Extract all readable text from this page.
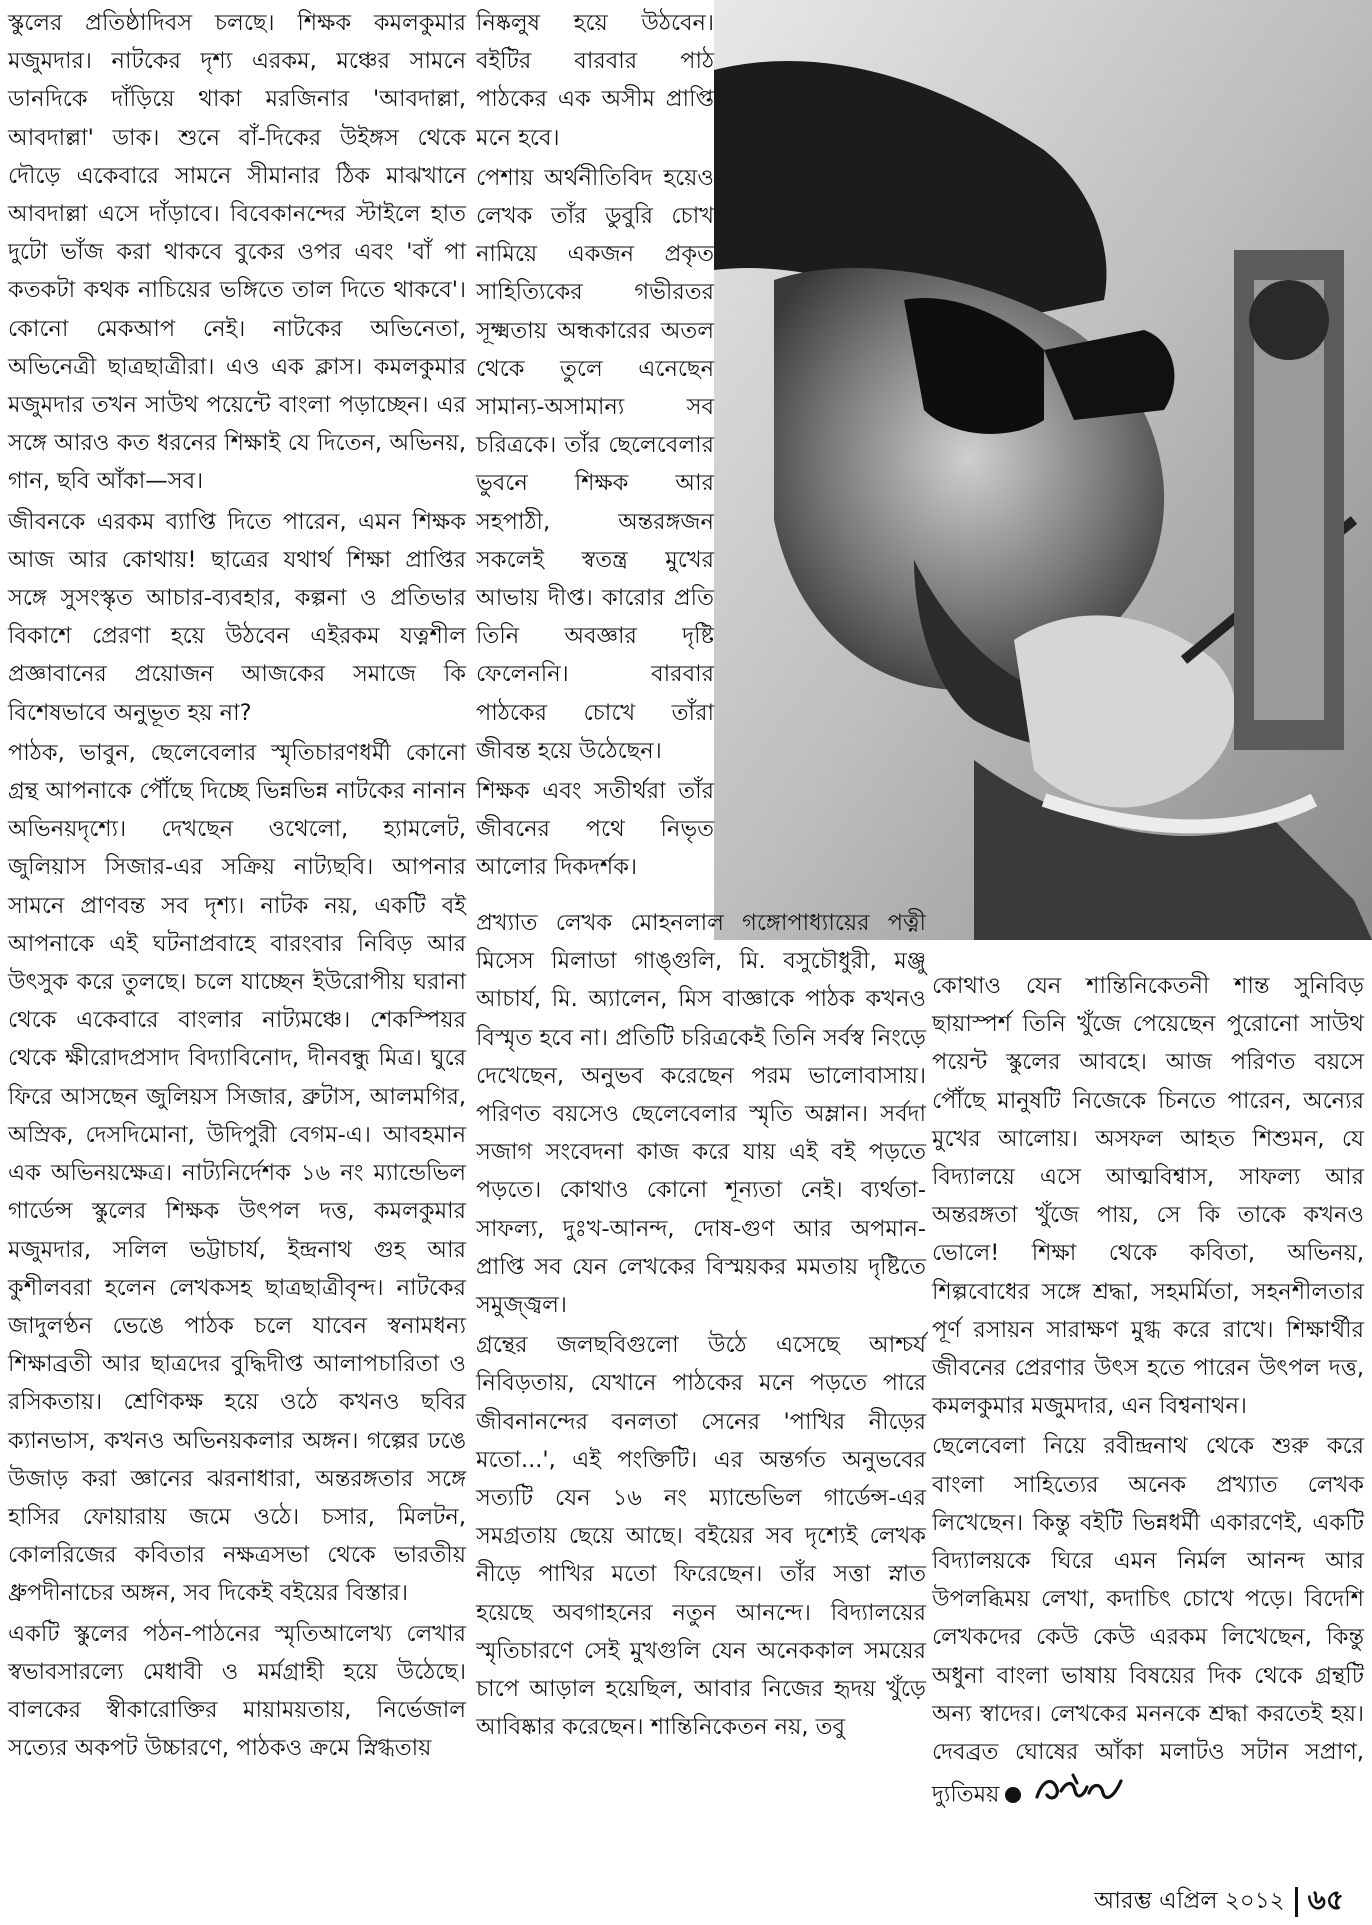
স্কুলের প্রতিষ্ঠাদিবস চলছে। শিক্ষক কমলকুমার মজুমদার। নাটকের দৃশ্য এরকম, মঞ্চের সামনে ডানদিকে দাঁড়িয়ে থাকা মরজিনার 'আবদাল্লা, আবদাল্লা' ডাক। শুনে বাঁ-দিকের উইঙ্গস থেকে দৌড়ে একেবারে সামনে সীমানার ঠিক মাঝখানে আবদাল্লা এসে দাঁড়াবে। বিবেকানন্দের স্টাইলে হাত দুটো ভাঁজ করা থাকবে বুকের ওপর এবং 'বাঁ পা কতকটা কথক নাচিয়ের ভঙ্গিতে তাল দিতে থাকবে'। কোনো মেকআপ নেই। নাটকের অভিনেতা, অভিনেত্রী ছাত্রছাত্রীরা। এও এক ক্লাস। কমলকুমার মজুমদার তখন সাউথ পয়েন্টে বাংলা পড়াচ্ছেন। এর সঙ্গে আরও কত ধরনের শিক্ষাই যে দিতেন, অভিনয়, গান, ছবি আঁকা—সব।

জীবনকে এরকম ব্যাপ্তি দিতে পারেন, এমন শিক্ষক আজ আর কোথায়! ছাত্রের যথার্থ শিক্ষা প্রাপ্তির সঙ্গে সুসংস্কৃত আচার-ব্যবহার, কল্পনা ও প্রতিভার বিকাশে প্রেরণা হয়ে উঠবেন এইরকম যত্নশীল প্রজ্ঞাবানের প্রয়োজন আজকের সমাজে কি বিশেষভাবে অনুভূত হয় না?

পাঠক, ভাবুন, ছেলেবেলার স্মৃতিচারণধর্মী কোনো গ্রন্থ আপনাকে পৌঁছে দিচ্ছে ভিন্নভিন্ন নাটকের নানান অভিনয়দৃশ্যে। দেখছেন ওথেলো, হ্যামলেট, জুলিয়াস সিজার-এর সক্রিয় নাট্যছবি। আপনার সামনে প্রাণবন্ত সব দৃশ্য। নাটক নয়, একটি বই আপনাকে এই ঘটনাপ্রবাহে বারংবার নিবিড় আর উৎসুক করে তুলছে। চলে যাচ্ছেন ইউরোপীয় ঘরানা থেকে একেবারে বাংলার নাট্যমঞ্চে। শেকস্পিয়র থেকে ক্ষীরোদপ্রসাদ বিদ্যাবিনোদ, দীনবন্ধু মিত্র। ঘুরে ফিরে আসছেন জুলিয়স সিজার, ব্রুটাস, আলমগির, অস্রিক, দেসদিমোনা, উদিপুরী বেগম-এ। আবহমান এক অভিনয়ক্ষেত্র। নাট্যনির্দেশক ১৬ নং ম্যান্ডেভিল গার্ডেন্স স্কুলের শিক্ষক উৎপল দত্ত, কমলকুমার মজুমদার, সলিল ভট্টাচার্য, ইন্দ্রনাথ গুহ আর কুশীলবরা হলেন লেখকসহ ছাত্রছাত্রীবৃন্দ। নাটকের জাদুলণ্ঠন ভেঙে পাঠক চলে যাবেন স্বনামধন্য শিক্ষাব্রতী আর ছাত্রদের বুদ্ধিদীপ্ত আলাপচারিতা ও রসিকতায়। শ্রেণিকক্ষ হয়ে ওঠে কখনও ছবির ক্যানভাস, কখনও অভিনয়কলার অঙ্গন। গল্পের ঢঙে উজাড় করা জ্ঞানের ঝরনাধারা, অন্তরঙ্গতার সঙ্গে হাসির ফোয়ারায় জমে ওঠে। চসার, মিলটন, কোলরিজের কবিতার নক্ষত্রসভা থেকে ভারতীয় ধ্রুপদীনাচের অঙ্গন, সব দিকেই বইয়ের বিস্তার।

একটি স্কুলের পঠন-পাঠনের স্মৃতিআলেখ্য লেখার স্বভাবসারল্যে মেধাবী ও মর্মগ্রাহী হয়ে উঠেছে। বালকের স্বীকারোক্তির মায়াময়তায়, নির্ভেজাল সত্যের অকপট উচ্চারণে, পাঠকও ক্রমে স্নিগ্ধতায়

নিষ্কলুষ হয়ে উঠবেন। বইটির বারবার পাঠ পাঠকের এক অসীম প্রাপ্তি মনে হবে।

পেশায় অর্থনীতিবিদ হয়েও লেখক তাঁর ডুবুরি চোখ নামিয়ে একজন প্রকৃত সাহিত্যিকের গভীরতর সূক্ষ্মতায় অন্ধকারের অতল থেকে তুলে এনেছেন সামান্য-অসামান্য সব চরিত্রকে। তাঁর ছেলেবেলার ভুবনে শিক্ষক আর সহপাঠী, অন্তরঙ্গজন সকলেই স্বতন্ত্র মুখের আভায় দীপ্ত। কারোর প্রতি তিনি অবজ্ঞার দৃষ্টি ফেলেননি। বারবার পাঠকের চোখে তাঁরা জীবন্ত হয়ে উঠেছেন।

শিক্ষক এবং সতীর্থরা তাঁর জীবনের পথে নিভৃত আলোর দিকদর্শক।

প্রখ্যাত লেখক মোহনলাল গঙ্গোপাধ্যায়ের পত্নী মিসেস মিলাডা গাঙ্গুলি, মি. বসুচৌধুরী, মঞ্জু আচার্য, মি. অ্যালেন, মিস বাজ্ঞাকে পাঠক কখনও বিস্মৃত হবে না। প্রতিটি চরিত্রকেই তিনি সর্বস্ব নিংড়ে দেখেছেন, অনুভব করেছেন পরম ভালোবাসায়। পরিণত বয়সেও ছেলেবেলার স্মৃতি অম্লান। সর্বদা সজাগ সংবেদনা কাজ করে যায় এই বই পড়তে পড়তে। কোথাও কোনো শূন্যতা নেই। ব্যর্থতা-সাফল্য, দুঃখ-আনন্দ, দোষ-গুণ আর অপমান-প্রাপ্তি সব যেন লেখকের বিস্ময়কর মমতায় দৃষ্টিতে সমুজ্জ্বল।

গ্রন্থের জলছবিগুলো উঠে এসেছে আশ্চর্য নিবিড়তায়, যেখানে পাঠকের মনে পড়তে পারে জীবনানন্দের বনলতা সেনের 'পাখির নীড়ের মতো...', এই পংক্তিটি। এর অন্তর্গত অনুভবের সত্যটি যেন ১৬ নং ম্যান্ডেভিল গার্ডেন্স-এর সমগ্রতায় ছেয়ে আছে। বইয়ের সব দৃশ্যেই লেখক নীড়ে পাখির মতো ফিরেছেন। তাঁর সত্তা স্নাত হয়েছে অবগাহনের নতুন আনন্দে। বিদ্যালয়ের স্মৃতিচারণে সেই মুখগুলি যেন অনেককাল সময়ের চাপে আড়াল হয়েছিল, আবার নিজের হৃদয় খুঁড়ে আবিষ্কার করেছেন। শান্তিনিকেতন নয়, তবু

কোথাও যেন শান্তিনিকেতনী শান্ত সুনিবিড় ছায়াস্পর্শ তিনি খুঁজে পেয়েছেন পুরোনো সাউথ পয়েন্ট স্কুলের আবহে। আজ পরিণত বয়সে পৌঁছে মানুষটি নিজেকে চিনতে পারেন, অন্যের মুখের আলোয়। অসফল আহত শিশুমন, যে বিদ্যালয়ে এসে আত্মবিশ্বাস, সাফল্য আর অন্তরঙ্গতা খুঁজে পায়, সে কি তাকে কখনও ভোলে! শিক্ষা থেকে কবিতা, অভিনয়, শিল্পবোধের সঙ্গে শ্রদ্ধা, সহমর্মিতা, সহনশীলতার পূর্ণ রসায়ন সারাক্ষণ মুগ্ধ করে রাখে। শিক্ষার্থীর জীবনের প্রেরণার উৎস হতে পারেন উৎপল দত্ত, কমলকুমার মজুমদার, এন বিশ্বনাথন।

ছেলেবেলা নিয়ে রবীন্দ্রনাথ থেকে শুরু করে বাংলা সাহিত্যের অনেক প্রখ্যাত লেখক লিখেছেন। কিন্তু বইটি ভিন্নধর্মী একারণেই, একটি বিদ্যালয়কে ঘিরে এমন নির্মল আনন্দ আর উপলব্ধিময় লেখা, কদাচিৎ চোখে পড়ে। বিদেশি লেখকদের কেউ কেউ এরকম লিখেছেন, কিন্তু অধুনা বাংলা ভাষায় বিষয়ের দিক থেকে গ্রন্থটি অন্য স্বাদের। লেখকের মননকে শ্রদ্ধা করতেই হয়। দেবব্রত ঘোষের আঁকা মলাটও সটান সপ্রাণ, দ্যুতিময়

আরম্ভ
এপ্রিল ২০১২ ৬৫
